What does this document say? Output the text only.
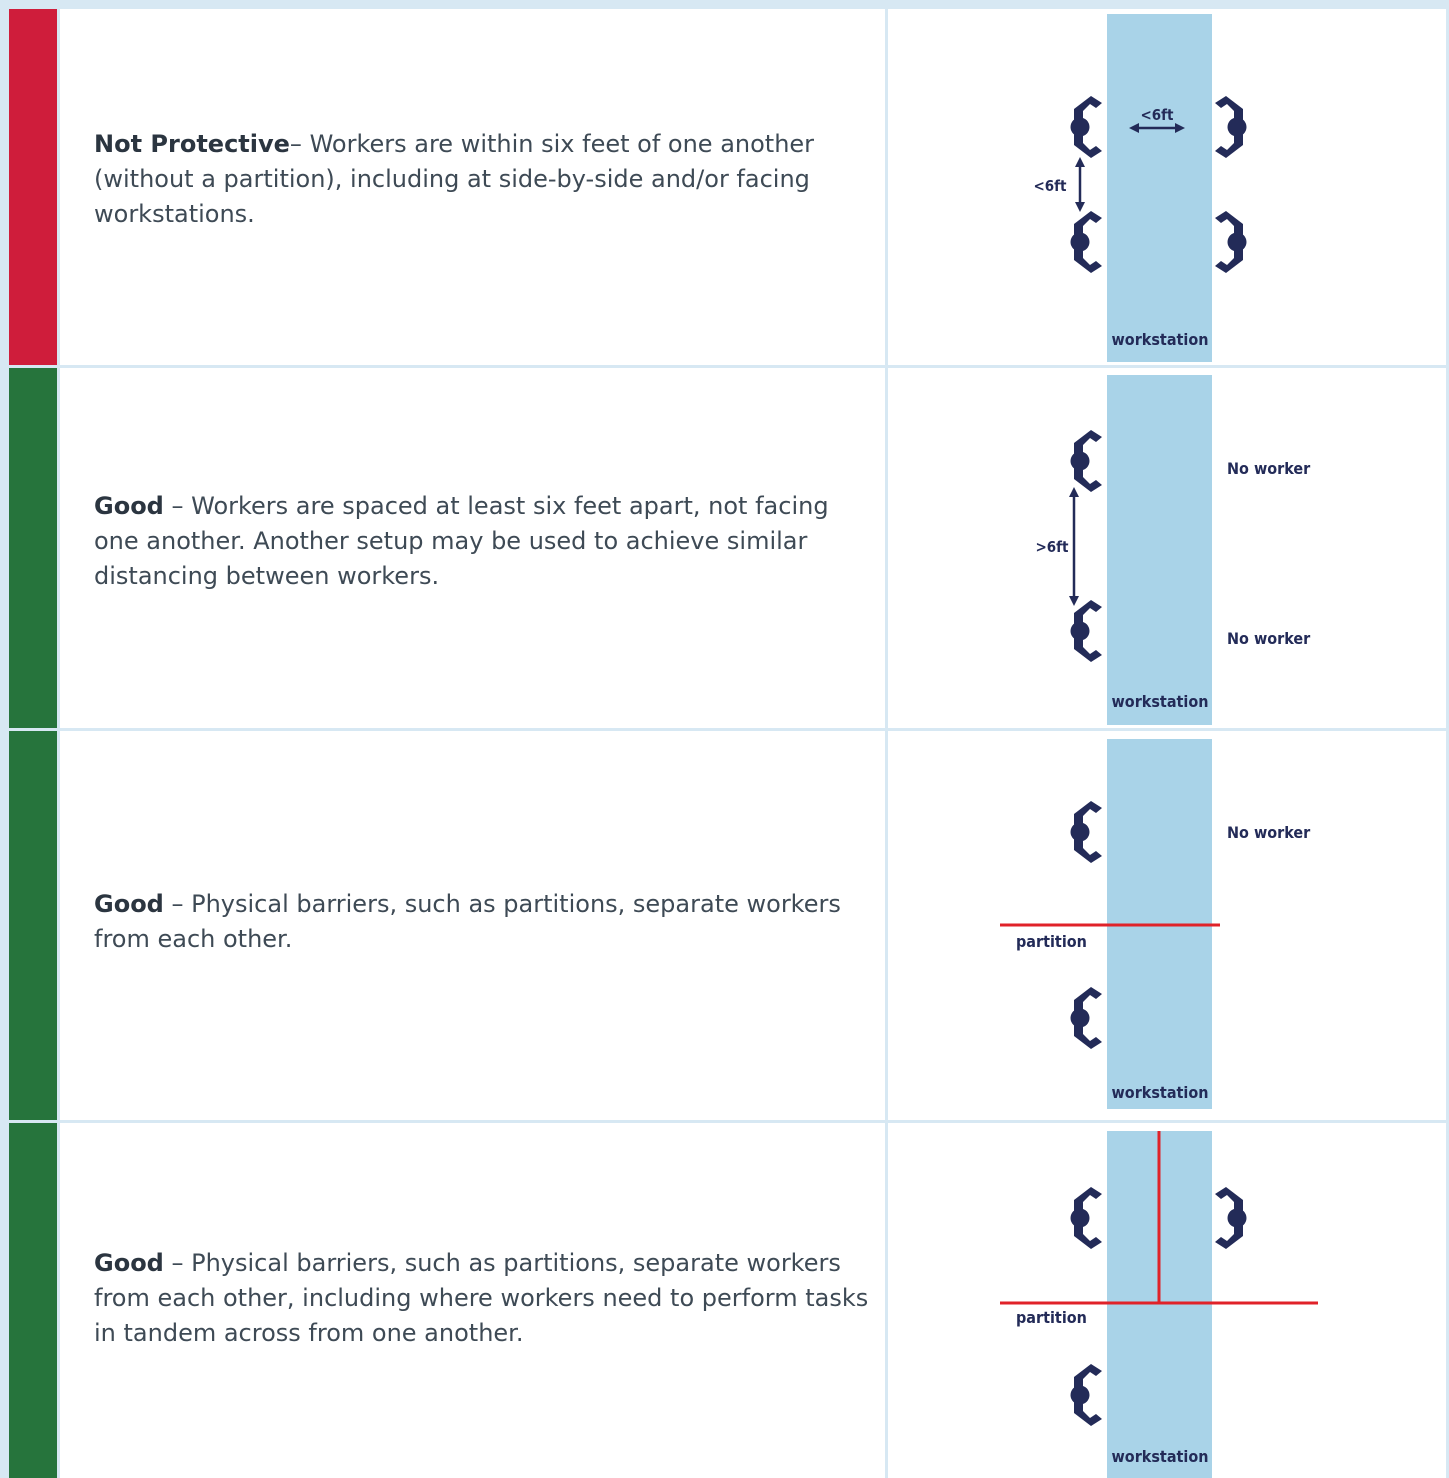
Not Protective– Workers are within six feet of one another (without a partition), including at side-by-side and/or facing workstations.

<6ft
<6ft
workstation

Good – Workers are spaced at least six feet apart, not facing one another. Another setup may be used to achieve similar distancing between workers.

>6ft
No worker
No worker
workstation

Good – Physical barriers, such as partitions, separate workers from each other.	partition
No worker
workstation

Good – Physical barriers, such as partitions, separate workers from each other, including where workers need to perform tasks in tandem across from one another.

partition
workstation
